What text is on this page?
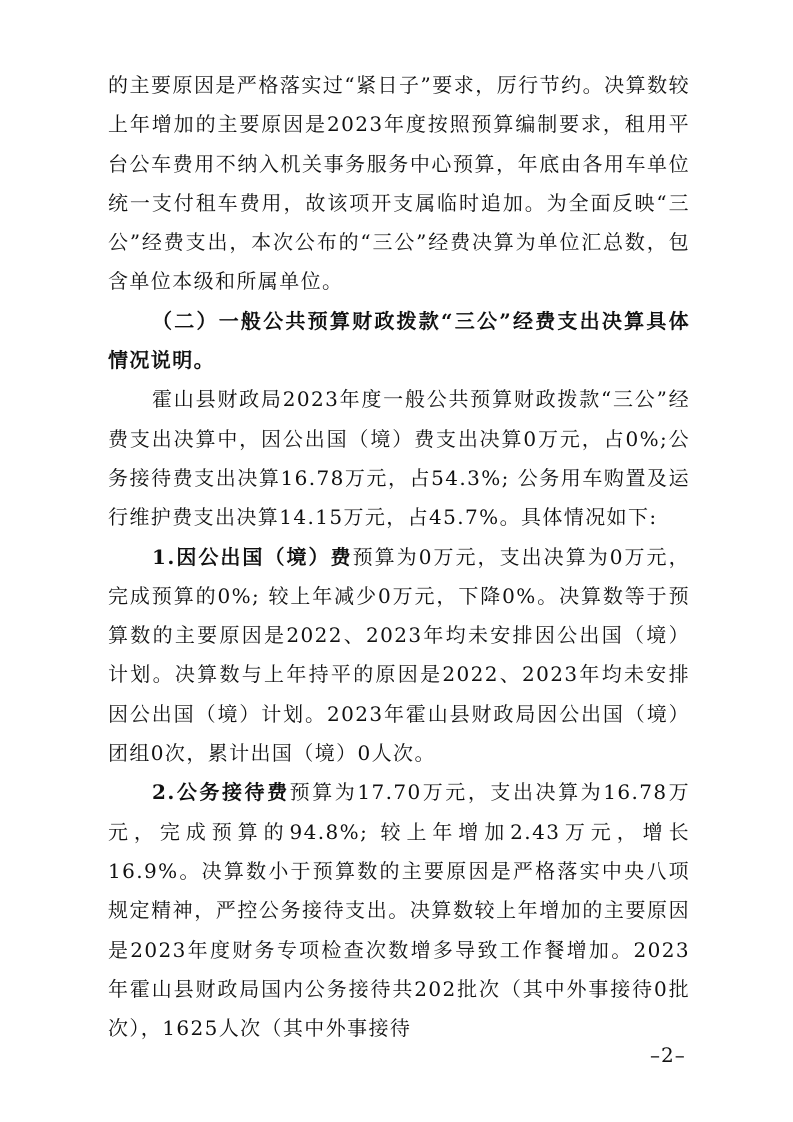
的主要原因是严格落实过“紧日子”要求，厉行节约。决算数较上年增加的主要原因是2023年度按照预算编制要求，租用平台公车费用不纳入机关事务服务中心预算，年底由各用车单位统一支付租车费用，故该项开支属临时追加。为全面反映“三公”经费支出，本次公布的“三公”经费决算为单位汇总数，包含单位本级和所属单位。

（二）一般公共预算财政拨款“三公”经费支出决算具体情况说明。

霍山县财政局2023年度一般公共预算财政拨款“三公”经费支出决算中，因公出国（境）费支出决算0万元，占0%;公务接待费支出决算16.78万元，占54.3%; 公务用车购置及运行维护费支出决算14.15万元，占45.7%。具体情况如下:

1.因公出国（境）费预算为0万元，支出决算为0万元，完成预算的0%; 较上年减少0万元，下降0%。决算数等于预算数的主要原因是2022、2023年均未安排因公出国（境）计划。决算数与上年持平的原因是2022、2023年均未安排因公出国（境）计划。2023年霍山县财政局因公出国（境）团组0次，累计出国（境）0人次。

2.公务接待费预算为17.70万元，支出决算为16.78万元，完成预算的94.8%; 较上年增加2.43万元，增长16.9%。决算数小于预算数的主要原因是严格落实中央八项规定精神，严控公务接待支出。决算数较上年增加的主要原因是2023年度财务专项检查次数增多导致工作餐增加。2023年霍山县财政局国内公务接待共202批次（其中外事接待0批次），1625人次（其中外事接待

–2–
